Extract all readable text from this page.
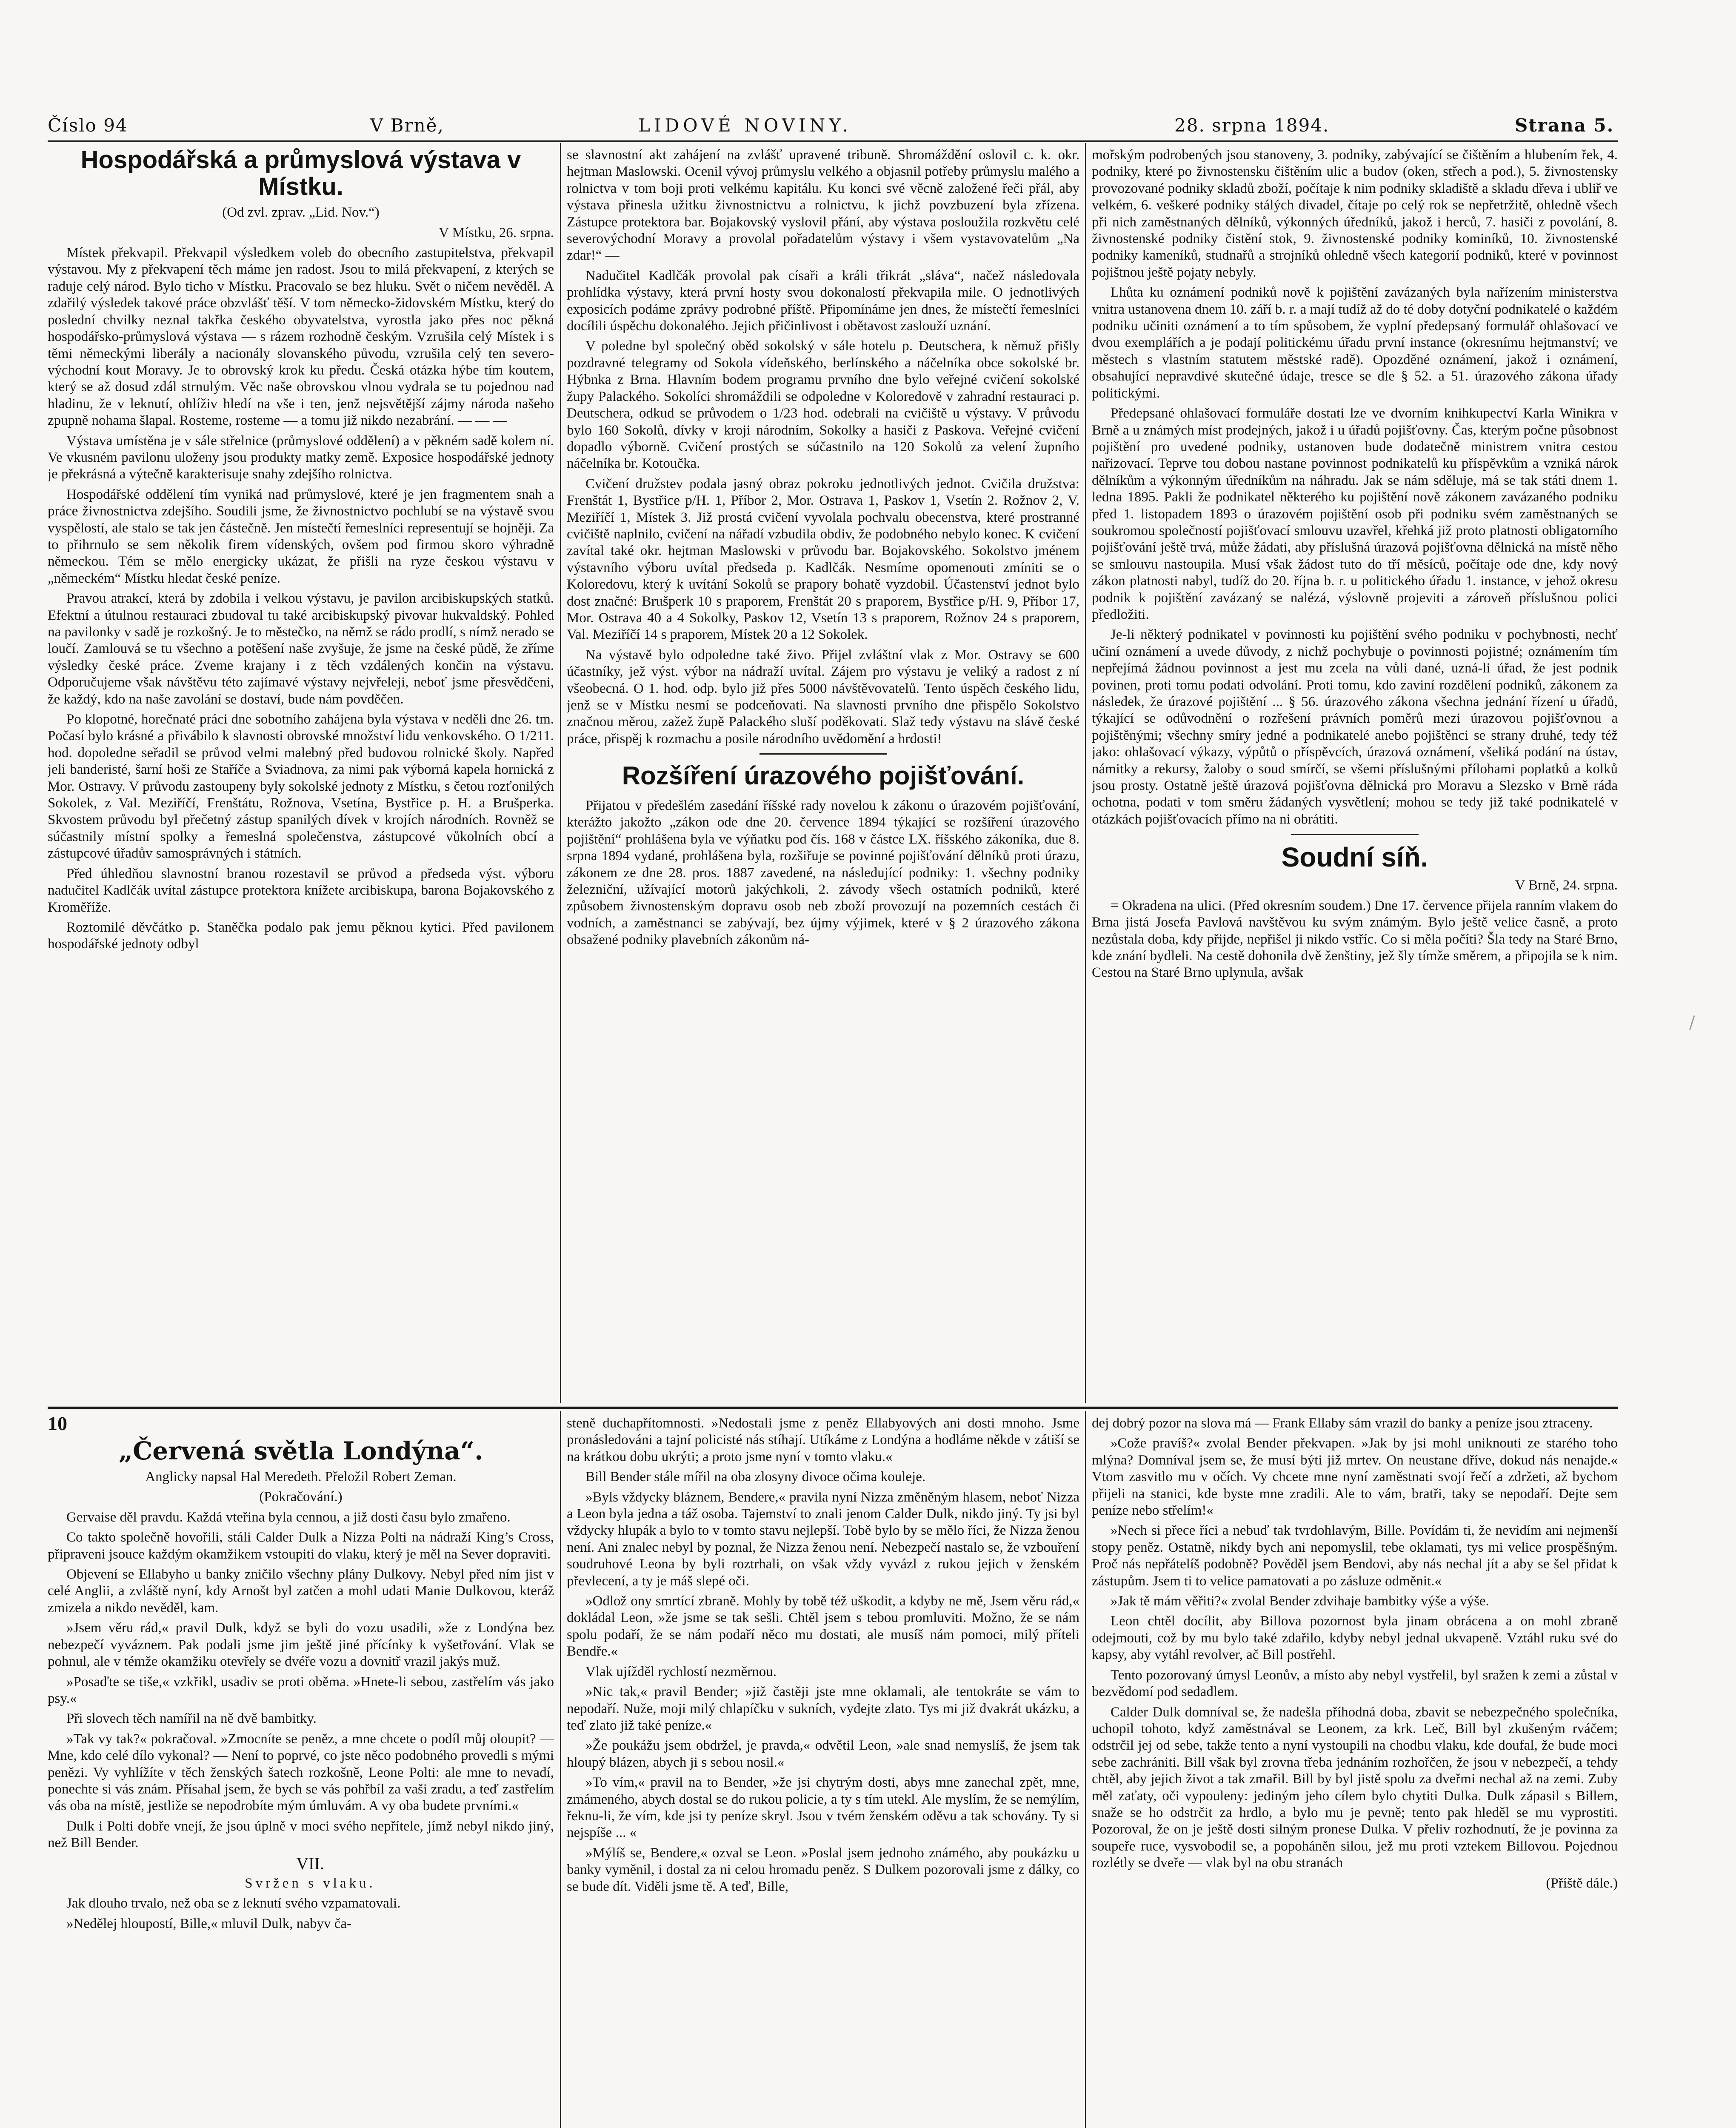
Číslo 94	V Brně,	LIDOVÉ NOVINY.	28. srpna 1894.	Strana 5.
/
Hospodářská a průmyslová výstava v Místku.

(Od zvl. zprav. „Lid. Nov.“)

V Místku, 26. srpna.

Místek překvapil. Překvapil výsledkem voleb do obecního zastupitelstva, překvapil výstavou. My z překvapení těch máme jen radost. Jsou to milá překvapení, z kterých se raduje celý národ. Bylo ticho v Místku. Pracovalo se bez hluku. Svět o ničem nevěděl. A zdařilý výsledek takové práce obzvlášť těší. V tom německo-židovském Místku, který do poslední chvilky neznal takřka českého obyvatelstva, vyrostla jako přes noc pěkná hospodářsko-průmyslová výstava — s rázem rozhodně českým. Vzrušila celý Místek i s těmi německými liberály a nacionály slovanského původu, vzrušila celý ten severo-východní kout Moravy. Je to obrovský krok ku předu. Česká otázka hýbe tím koutem, který se až dosud zdál strnulým. Věc naše obrovskou vlnou vydrala se tu pojednou nad hladinu, že v leknutí, ohlíživ hledí na vše i ten, jenž nejsvětější zájmy národa našeho zpupně nohama šlapal. Rosteme, rosteme — a tomu již nikdo nezabrání. — — —

Výstava umístěna je v sále střelnice (průmyslové oddělení) a v pěkném sadě kolem ní. Ve vkusném pavilonu uloženy jsou produkty matky země. Exposice hospodářské jednoty je překrásná a výtečně karakterisuje snahy zdejšího rolnictva.

Hospodářské oddělení tím vyniká nad průmyslové, které je jen fragmentem snah a práce živnostnictva zdejšího. Soudili jsme, že živnostnictvo pochlubí se na výstavě svou vyspělostí, ale stalo se tak jen částečně. Jen místečtí řemeslníci representují se hojněji. Za to přihrnulo se sem několik firem vídenských, ovšem pod firmou skoro výhradně německou. Tém se mělo energicky ukázat, že přišli na ryze českou výstavu v „německém“ Místku hledat české peníze.

Pravou atrakcí, která by zdobila i velkou výstavu, je pavilon arcibiskupských statků. Efektní a útulnou restauraci zbudoval tu také arcibiskupský pivovar hukvaldský. Pohled na pavilonky v sadě je rozkošný. Je to městečko, na němž se rádo prodlí, s nímž nerado se loučí. Zamlouvá se tu všechno a potěšení naše zvyšuje, že jsme na české půdě, že zříme výsledky české práce. Zveme krajany i z těch vzdálených končin na výstavu. Odporučujeme však návštěvu této zajímavé výstavy nejvřeleji, neboť jsme přesvědčeni, že každý, kdo na naše zavolání se dostaví, bude nám povděčen.

Po klopotné, horečnaté práci dne sobotního zahájena byla výstava v neděli dne 26. tm. Počasí bylo krásné a přivábilo k slavnosti obrovské množství lidu venkovského. O 1/211. hod. dopoledne seřadil se průvod velmi malebný před budovou rolnické školy. Napřed jeli banderisté, šarní hoši ze Staříče a Sviadnova, za nimi pak výborná kapela hornická z Mor. Ostravy. V průvodu zastoupeny byly sokolské jednoty z Místku, s četou rozťonilých Sokolek, z Val. Meziříčí, Frenštátu, Rožnova, Vsetína, Bystřice p. H. a Brušperka. Skvostem průvodu byl přečetný zástup spanilých dívek v krojích národních. Rovněž se súčastnily místní spolky a řemeslná společenstva, zástupcové vůkolních obcí a zástupcové úřadův samosprávných i státních.

Před úhledňou slavnostní branou rozestavil se průvod a předseda výst. výboru nadučitel Kadlčák uvítal zástupce protektora knížete arcibiskupa, barona Bojakovského z Kroměříže.

Roztomilé děvčátko p. Staněčka podalo pak jemu pěknou kytici. Před pavilonem hospodářské jednoty odbyl

se slavnostní akt zahájení na zvlášť upravené tribuně. Shromáždění oslovil c. k. okr. hejtman Maslowski. Ocenil vývoj průmyslu velkého a objasnil potřeby průmyslu malého a rolnictva v tom boji proti velkému kapitálu. Ku konci své věcně založené řeči přál, aby výstava přinesla užitku živnostnictvu a rolnictvu, k jichž povzbuzení byla zřízena. Zástupce protektora bar. Bojakovský vyslovil přání, aby výstava posloužila rozkvětu celé severovýchodní Moravy a provolal pořadatelům výstavy i všem vystavovatelům „Na zdar!“ —

Nadučitel Kadlčák provolal pak císaři a králi třikrát „sláva“, načež následovala prohlídka výstavy, která první hosty svou dokonalostí překvapila mile. O jednotlivých exposicích podáme zprávy podrobné příště. Připomínáme jen dnes, že místečtí řemeslníci docílili úspěchu dokonalého. Jejich přičinlivost i obětavost zaslouží uznání.

V poledne byl společný oběd sokolský v sále hotelu p. Deutschera, k němuž přišly pozdravné telegramy od Sokola vídeňského, berlínského a náčelníka obce sokolské br. Hýbnka z Brna. Hlavním bodem programu prvního dne bylo veřejné cvičení sokolské župy Palackého. Sokolíci shromáždili se odpoledne v Koloredově v zahradní restauraci p. Deutschera, odkud se průvodem o 1/23 hod. odebrali na cvičiště u výstavy. V průvodu bylo 160 Sokolů, dívky v kroji národním, Sokolky a hasiči z Paskova. Veřejné cvičení dopadlo výborně. Cvičení prostých se súčastnilo na 120 Sokolů za velení župního náčelníka br. Kotoučka.

Cvičení družstev podala jasný obraz pokroku jednotlivých jednot. Cvičila družstva: Frenštát 1, Bystřice p/H. 1, Příbor 2, Mor. Ostrava 1, Paskov 1, Vsetín 2. Rožnov 2, V. Meziříčí 1, Místek 3. Již prostá cvičení vyvolala pochvalu obecenstva, které prostranné cvičiště naplnilo, cvičení na nářadí vzbudila obdiv, že podobného nebylo konec. K cvičení zavítal také okr. hejtman Maslowski v průvodu bar. Bojakovského. Sokolstvo jménem výstavního výboru uvítal předseda p. Kadlčák. Nesmíme opomenouti zmíniti se o Koloredovu, který k uvítání Sokolů se prapory bohatě vyzdobil. Účastenství jednot bylo dost značné: Brušperk 10 s praporem, Frenštát 20 s praporem, Bystřice p/H. 9, Příbor 17, Mor. Ostrava 40 a 4 Sokolky, Paskov 12, Vsetín 13 s praporem, Rožnov 24 s praporem, Val. Meziříčí 14 s praporem, Místek 20 a 12 Sokolek.

Na výstavě bylo odpoledne také živo. Přijel zvláštní vlak z Mor. Ostravy se 600 účastníky, jež výst. výbor na nádraží uvítal. Zájem pro výstavu je veliký a radost z ní všeobecná. O 1. hod. odp. bylo již přes 5000 návštěvovatelů. Tento úspěch českého lidu, jenž se v Místku nesmí se podceňovati. Na slavnosti prvního dne přispělo Sokolstvo značnou měrou, zažež župě Palackého sluší poděkovati. Slaž tedy výstavu na slávě české práce, přispěj k rozmachu a posile národního uvědomění a hrdosti!

Rozšíření úrazového pojišťování.

Přijatou v předešlém zasedání říšské rady novelou k zákonu o úrazovém pojišťování, kterážto jakožto „zákon ode dne 20. července 1894 týkající se rozšíření úrazového pojištění“ prohlášena byla ve výňatku pod čís. 168 v částce LX. říšského zákoníka, due 8. srpna 1894 vydané, prohlášena byla, rozšiřuje se povinné pojišťování dělníků proti úrazu, zákonem ze dne 28. pros. 1887 zavedené, na následující podniky: 1. všechny podniky železniční, užívající motorů jakýchkoli, 2. závody všech ostatních podniků, které způsobem živnostenským dopravu osob neb zboží provozují na pozemních cestách či vodních, a zaměstnanci se zabývají, bez újmy výjimek, které v § 2 úrazového zákona obsažené podniky plavebních zákonům ná-

mořským podrobených jsou stanoveny, 3. podniky, zabývající se čištěním a hlubením řek, 4. podniky, které po živnostensku čištěním ulic a budov (oken, střech a pod.), 5. živnostensky provozované podniky skladů zboží, počítaje k nim podniky skladiště a skladu dřeva i ubliř ve velkém, 6. veškeré podniky stálých divadel, čítaje po celý rok se nepřetržitě, ohledně všech při nich zaměstnaných dělníků, výkonných úředníků, jakož i herců, 7. hasiči z povolání, 8. živnostenské podniky čistění stok, 9. živnostenské podniky kominíků, 10. živnostenské podniky kameníků, studnařů a strojníků ohledně všech kategorií podniků, které v povinnost pojištnou ještě pojaty nebyly.

Lhůta ku oznámení podniků nově k pojištění zavázaných byla nařízením ministerstva vnitra ustanovena dnem 10. září b. r. a mají tudíž až do té doby dotyční podnikatelé o každém podniku učiniti oznámení a to tím spůsobem, že vyplní předepsaný formulář ohlašovací ve dvou exemplářích a je podají politickému úřadu první instance (okresnímu hejtmanství; ve městech s vlastním statutem městské radě). Opozděné oznámení, jakož i oznámení, obsahující nepravdivé skutečné údaje, tresce se dle § 52. a 51. úrazového zákona úřady politickými.

Předepsané ohlašovací formuláře dostati lze ve dvorním knihkupectví Karla Winikra v Brně a u známých míst prodejných, jakož i u úřadů pojišťovny. Čas, kterým počne působnost pojištění pro uvedené podniky, ustanoven bude dodatečně ministrem vnitra cestou nařizovací. Teprve tou dobou nastane povinnost podnikatelů ku příspěvkům a vzniká nárok dělníkům a výkonným úředníkům na náhradu. Jak se nám sděluje, má se tak státi dnem 1. ledna 1895. Pakli že podnikatel některého ku pojištění nově zákonem zavázaného podniku před 1. listopadem 1893 o úrazovém pojištění osob při podniku svém zaměstnaných se soukromou společností pojišťovací smlouvu uzavřel, křehká již proto platnosti obligatorního pojišťování ještě trvá, může žádati, aby příslušná úrazová pojišťovna dělnická na místě něho se smlouvu nastoupila. Musí však žádost tuto do tří měsíců, počítaje ode dne, kdy nový zákon platnosti nabyl, tudíž do 20. října b. r. u politického úřadu 1. instance, v jehož okresu podnik k pojištění zavázaný se nalézá, výslovně projeviti a zároveň příslušnou polici předložiti.

Je-li některý podnikatel v povinnosti ku pojištění svého podniku v pochybnosti, nechť učiní oznámení a uvede důvody, z nichž pochybuje o povinnosti pojistné; oznámením tím nepřejímá žádnou povinnost a jest mu zcela na vůli dané, uzná-li úřad, že jest podnik povinen, proti tomu podati odvolání. Proti tomu, kdo zaviní rozdělení podniků, zákonem za následek, že úrazové pojištění ... § 56. úrazového zákona všechna jednání řízení u úřadů, týkající se odůvodnění o rozřešení právních poměrů mezi úrazovou pojišťovnou a pojištěnými; všechny smíry jedné a podnikatelé anebo pojištěnci se strany druhé, tedy též jako: ohlašovací výkazy, výpůtů o příspěvcích, úrazová oznámení, všeliká podání na ústav, námitky a rekursy, žaloby o soud smírčí, se všemi příslušnými přílohami poplatků a kolků jsou prosty. Ostatně ještě úrazová pojišťovna dělnická pro Moravu a Slezsko v Brně ráda ochotna, podati v tom směru žádaných vysvětlení; mohou se tedy již také podnikatelé v otázkách pojišťovacích přímo na ni obrátiti.

Soudní síň.

V Brně, 24. srpna.

= Okradena na ulici. (Před okresním soudem.) Dne 17. července přijela ranním vlakem do Brna jistá Josefa Pavlová navštěvou ku svým známým. Bylo ještě velice časně, a proto nezůstala doba, kdy přijde, nepřišel ji nikdo vstříc. Co si měla počíti? Šla tedy na Staré Brno, kde znání bydleli. Na cestě dohonila dvě ženštiny, jež šly tímže směrem, a připojila se k nim. Cestou na Staré Brno uplynula, avšak

10
„Červená světla Londýna“.

Anglicky napsal Hal Meredeth. Přeložil Robert Zeman.

(Pokračování.)

Gervaise děl pravdu. Každá vteřina byla cennou, a již dosti času bylo zmařeno.

Co takto společně hovořili, stáli Calder Dulk a Nizza Polti na nádraží King’s Cross, připraveni jsouce každým okamžikem vstoupiti do vlaku, který je měl na Sever dopraviti.

Objevení se Ellabyho u banky zničilo všechny plány Dulkovy. Nebyl před ním jist v celé Anglii, a zvláště nyní, kdy Arnošt byl zatčen a mohl udati Manie Dulkovou, kteráž zmizela a nikdo nevěděl, kam.

»Jsem věru rád,« pravil Dulk, když se byli do vozu usadili, »že z Londýna bez nebezpečí vyváznem. Pak podali jsme jim ještě jiné přícínky k vyšetřování. Vlak se pohnul, ale v témže okamžiku otevřely se dvéře vozu a dovnitř vrazil jakýs muž.

»Posaďte se tiše,« vzkřikl, usadiv se proti oběma. »Hnete-li sebou, zastřelím vás jako psy.«

Při slovech těch namířil na ně dvě bambitky.

»Tak vy tak?« pokračoval. »Zmocníte se peněz, a mne chcete o podíl můj oloupit? — Mne, kdo celé dílo vykonal? — Není to poprvé, co jste něco podobného provedli s mými penězi. Vy vyhlížíte v těch ženských šatech rozkošně, Leone Polti: ale mne to nevadí, ponechte si vás znám. Přísahal jsem, že bych se vás pohřbíl za vaši zradu, a teď zastřelím vás oba na místě, jestliže se nepodrobíte mým úmluvám. A vy oba budete prvními.«

Dulk i Polti dobře vnejí, že jsou úplně v moci svého nepřítele, jímž nebyl nikdo jiný, než Bill Bender.

VII.

Svržen s vlaku.

Jak dlouho trvalo, než oba se z leknutí svého vzpamatovali.

»Nedělej hloupostí, Bille,« mluvil Dulk, nabyv ča-

steně duchapřítomnosti. »Nedostali jsme z peněz Ellabyových ani dosti mnoho. Jsme pronásledováni a tajní policisté nás stíhají. Utíkáme z Londýna a hodláme někde v zátiší se na krátkou dobu ukrýti; a proto jsme nyní v tomto vlaku.«

Bill Bender stále mířil na oba zlosyny divoce očima kouleje.

»Byls vždycky bláznem, Bendere,« pravila nyní Nizza změněným hlasem, neboť Nizza a Leon byla jedna a táž osoba. Tajemství to znali jenom Calder Dulk, nikdo jiný. Ty jsi byl vždycky hlupák a bylo to v tomto stavu nejlepší. Tobě bylo by se mělo říci, že Nizza ženou není. Ani znalec nebyl by poznal, že Nizza ženou není. Nebezpečí nastalo se, že vzbouření soudruhové Leona by byli roztrhali, on však vždy vyvázl z rukou jejich v ženském převlecení, a ty je máš slepé oči.

»Odlož ony smrtící zbraně. Mohly by tobě též uškodit, a kdyby ne mě, Jsem věru rád,« dokládal Leon, »že jsme se tak sešli. Chtěl jsem s tebou promluviti. Možno, že se nám spolu podaří, že se nám podaří něco mu dostati, ale musíš nám pomoci, milý příteli Bendře.«

Vlak ujížděl rychlostí nezměrnou.

»Nic tak,« pravil Bender; »již častěji jste mne oklamali, ale tentokráte se vám to nepodaří. Nuže, moji milý chlapíčku v sukních, vydejte zlato. Tys mi již dvakrát ukázku, a teď zlato již také peníze.«

»Že poukážu jsem obdržel, je pravda,« odvětil Leon, »ale snad nemyslíš, že jsem tak hloupý blázen, abych ji s sebou nosil.«

»To vím,« pravil na to Bender, »že jsi chytrým dosti, abys mne zanechal zpět, mne, zmámeného, abych dostal se do rukou policie, a ty s tím utekl. Ale myslím, že se nemýlím, řeknu-li, že vím, kde jsi ty peníze skryl. Jsou v tvém ženském oděvu a tak schovány. Ty si nejspíše ... «

»Mýlíš se, Bendere,« ozval se Leon. »Poslal jsem jednoho známého, aby poukázku u banky vyměnil, i dostal za ni celou hromadu peněz. S Dulkem pozorovali jsme z dálky, co se bude dít. Viděli jsme tě. A teď, Bille,

dej dobrý pozor na slova má — Frank Ellaby sám vrazil do banky a peníze jsou ztraceny.

»Cože pravíš?« zvolal Bender překvapen. »Jak by jsi mohl uniknouti ze starého toho mlýna? Domníval jsem se, že musí býti již mrtev. On neustane dříve, dokud nás nenajde.« Vtom zasvitlo mu v očích. Vy chcete mne nyní zaměstnati svojí řečí a zdržeti, až bychom přijeli na stanici, kde byste mne zradili. Ale to vám, bratři, taky se nepodaří. Dejte sem peníze nebo střelím!«

»Nech si přece říci a nebuď tak tvrdohlavým, Bille. Povídám ti, že nevidím ani nejmenší stopy peněz. Ostatně, nikdy bych ani nepomyslil, tebe oklamati, tys mi velice prospěšným. Proč nás nepřátelíš podobně? Pověděl jsem Bendovi, aby nás nechal jít a aby se šel přidat k zástupům. Jsem ti to velice pamatovati a po zásluze odměnit.«

»Jak tě mám věřiti?« zvolal Bender zdvihaje bambitky výše a výše.

Leon chtěl docílit, aby Billova pozornost byla jinam obrácena a on mohl zbraně odejmouti, což by mu bylo také zdařilo, kdyby nebyl jednal ukvapeně. Vztáhl ruku své do kapsy, aby vytáhl revolver, ač Bill postřehl.

Tento pozorovaný úmysl Leonův, a místo aby nebyl vystřelil, byl sražen k zemi a zůstal v bezvědomí pod sedadlem.

Calder Dulk domníval se, že nadešla příhodná doba, zbavit se nebezpečného společníka, uchopil tohoto, když zaměstnával se Leonem, za krk. Leč, Bill byl zkušeným rváčem; odstrčil jej od sebe, takže tento a nyní vystoupili na chodbu vlaku, kde doufal, že bude moci sebe zachrániti. Bill však byl zrovna třeba jednáním rozhořčen, že jsou v nebezpečí, a tehdy chtěl, aby jejich život a tak zmařil. Bill by byl jistě spolu za dveřmi nechal až na zemi. Zuby měl zaťaty, oči vypouleny: jediným jeho cílem bylo chytiti Dulka. Dulk zápasil s Billem, snaže se ho odstrčit za hrdlo, a bylo mu je pevně; tento pak hleděl se mu vyprostiti. Pozoroval, že on je ještě dosti silným pronese Dulka. V přeliv rozhodnutí, že je povinna za soupeře ruce, vysvobodil se, a popoháněn silou, jež mu proti vztekem Billovou. Pojednou rozlétly se dveře — vlak byl na obu stranách

(Příště dále.)
